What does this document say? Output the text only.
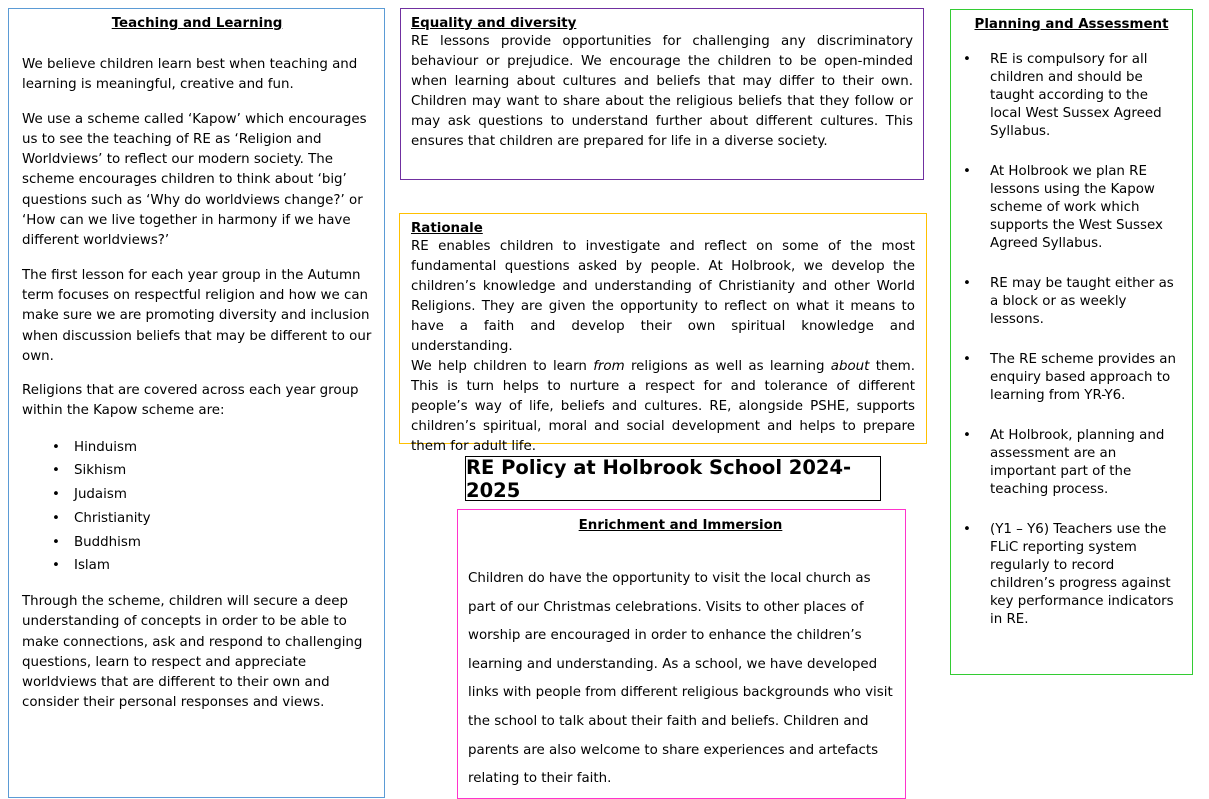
Teaching and Learning

We believe children learn best when teaching and learning is meaningful, creative and fun.

We use a scheme called ‘Kapow’ which encourages us to see the teaching of RE as ‘Religion and Worldviews’ to reflect our modern society. The scheme encourages children to think about ‘big’ questions such as ‘Why do worldviews change?’ or ‘How can we live together in harmony if we have different worldviews?’

The first lesson for each year group in the Autumn term focuses on respectful religion and how we can make sure we are promoting diversity and inclusion when discussion beliefs that may be different to our own.

Religions that are covered across each year group within the Kapow scheme are:

• Hinduism
• Sikhism
• Judaism
• Christianity
• Buddhism
• Islam

Through the scheme, children will secure a deep understanding of concepts in order to be able to make connections, ask and respond to challenging questions, learn to respect and appreciate worldviews that are different to their own and consider their personal responses and views.

Equality and diversity

RE lessons provide opportunities for challenging any discriminatory behaviour or prejudice. We encourage the children to be open-minded when learning about cultures and beliefs that may differ to their own. Children may want to share about the religious beliefs that they follow or may ask questions to understand further about different cultures. This ensures that children are prepared for life in a diverse society.

Rationale

RE enables children to investigate and reflect on some of the most fundamental questions asked by people. At Holbrook, we develop the children’s knowledge and understanding of Christianity and other World Religions. They are given the opportunity to reflect on what it means to have a faith and develop their own spiritual knowledge and understanding.

We help children to learn from religions as well as learning about them. This is turn helps to nurture a respect for and tolerance of different people’s way of life, beliefs and cultures. RE, alongside PSHE, supports children’s spiritual, moral and social development and helps to prepare them for adult life.

RE Policy at Holbrook School 2024-2025
Enrichment and Immersion

Children do have the opportunity to visit the local church as part of our Christmas celebrations. Visits to other places of worship are encouraged in order to enhance the children’s learning and understanding. As a school, we have developed links with people from different religious backgrounds who visit the school to talk about their faith and beliefs. Children and parents are also welcome to share experiences and artefacts relating to their faith.

Planning and Assessment
• RE is compulsory for all children and should be taught according to the local West Sussex Agreed Syllabus.
• At Holbrook we plan RE lessons using the Kapow scheme of work which supports the West Sussex Agreed Syllabus.
• RE may be taught either as a block or as weekly lessons.
• The RE scheme provides an enquiry based approach to learning from YR-Y6.
• At Holbrook, planning and assessment are an important part of the teaching process.
• (Y1 – Y6) Teachers use the FLiC reporting system regularly to record children’s progress against key performance indicators in RE.
